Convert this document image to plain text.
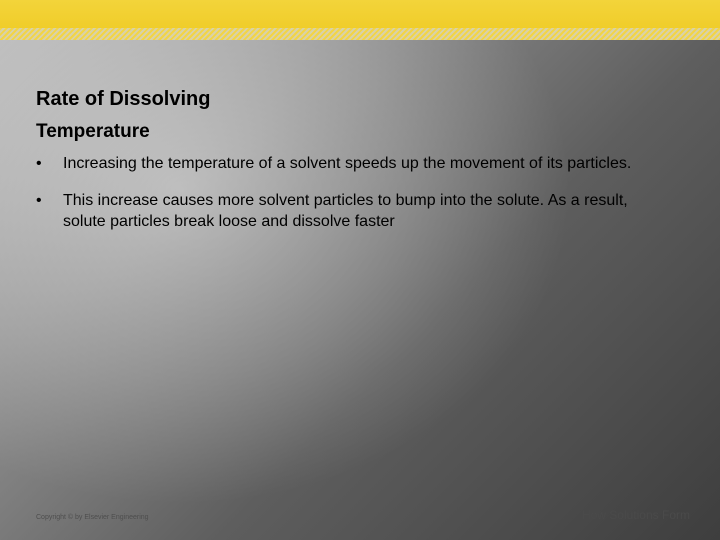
Rate of Dissolving
Temperature
• Increasing the temperature of a solvent speeds up the movement of its particles.
• This increase causes more solvent particles to bump into the solute. As a result, solute particles break loose and dissolve faster
Copyright © by Elsevier Engineering	How Solutions Form
